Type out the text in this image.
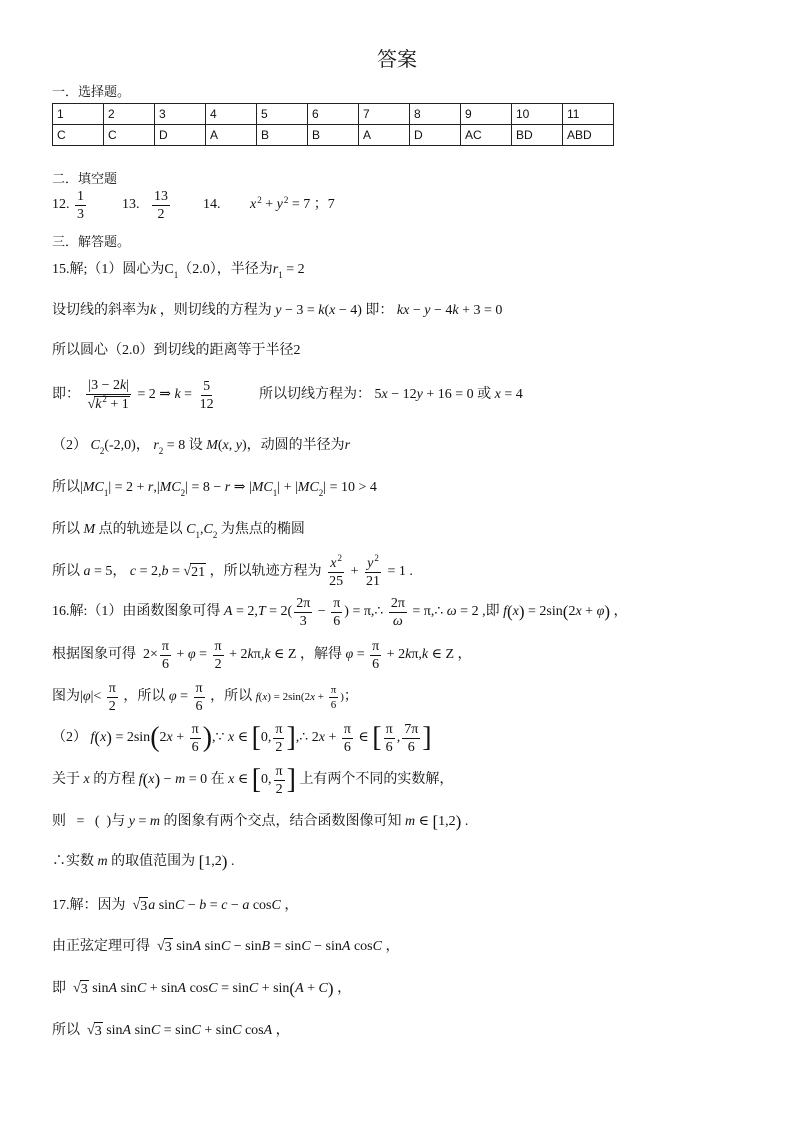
答案
一．选择题。
1	2	3	4	5	6	7	8	9	10	11
C	C	D	A	B	B	A	D	AC	BD	ABD
二．填空题
12. $\frac{1}{3}$	13. $\frac{13}{2} 14$. x 2 + y 2 = 7 ；7
三．解答题。
15.解;（1）圆心为C 1 （2.0），半径为 r 1 = 2
设切线的斜率为 k ，则切线的方程为 y − 3 = k ( x − 4) 即： kx − y − 4 k + 3 = 0
所以圆心（2.0）到切线的距离等于半径2
即： $\frac{|3 - 2 k |}{√ k 2 + 1} = 2$ ⇒ $k = \frac{5}{12}$	所以切线方程为： 5 x − 12 y + 16 = 0 或 x = 4
（2） C 2 (-2,0)， r 2 = 8 设 M ( x , y )，动圆的半径为 r
所以| MC 1 | = 2 + r ,| MC 2 | = 8 − r ⇒ | MC 1 | + | MC 2 | = 10 > 4
所以 M 点的轨迹是以 C 1 , C 2 为焦点的椭圆
所以 a = 5， c = 2, b = √ 21 ，所以轨迹方程为 $\frac{x 2}{25} + \frac{y 2}{21} = 1$ .
16.解:（1）由函数图象可得 A = 2, $T = 2( \frac{2\pi}{3} - \frac{\pi}{6}$ ) = π,∴ $\frac{2\pi}{\omega}$ = π,∴ ω = 2 ,即 f ( x ) = 2sin ( 2 x + φ ) ，
根据图象可得  $2\times \frac{\pi}{6} + \varphi = \frac{\pi}{2} + 2$ k π, k ∈ Z ，解得 $\varphi = \frac{\pi}{6} + 2$ k π, k ∈ Z ，
图为| φ |< $\frac{\pi}{2}$ ，所以 $\varphi = \frac{\pi}{6}$ ，所以 f ( x ) = 2sin(2 $x + \frac{\pi}{6}$ ) ；
（2） f ( x ) = 2sin ( 2 $x + \frac{\pi}{6}$ ) ,∵ x ∈ [ 0, $\frac{\pi}{2}$ ] ,∴ 2 $x + \frac{\pi}{6}$ ∈ [ $\frac{\pi}{6}$ , $\frac{7\pi}{6}$ ]
关于 x 的方程 f ( x ) − m = 0 在 x ∈ [ 0, $\frac{\pi}{2}$ ] 上有两个不同的实数解，
则   =   (  )与 y = m 的图象有两个交点，结合函数图像可知 m ∈ [ 1,2 ) .
∴实数 m 的取值范围为 [ 1,2 ) .
17.解：因为  √ 3 a sin C − b = c − a cos C ，
由正弦定理可得  √ 3 sin A sin C − sin B = sin C − sin A cos C ，
即  √ 3 sin A sin C + sin A cos C = sin C + sin ( A + C ) ，
所以  √ 3 sin A sin C = sin C + sin C cos A ，
